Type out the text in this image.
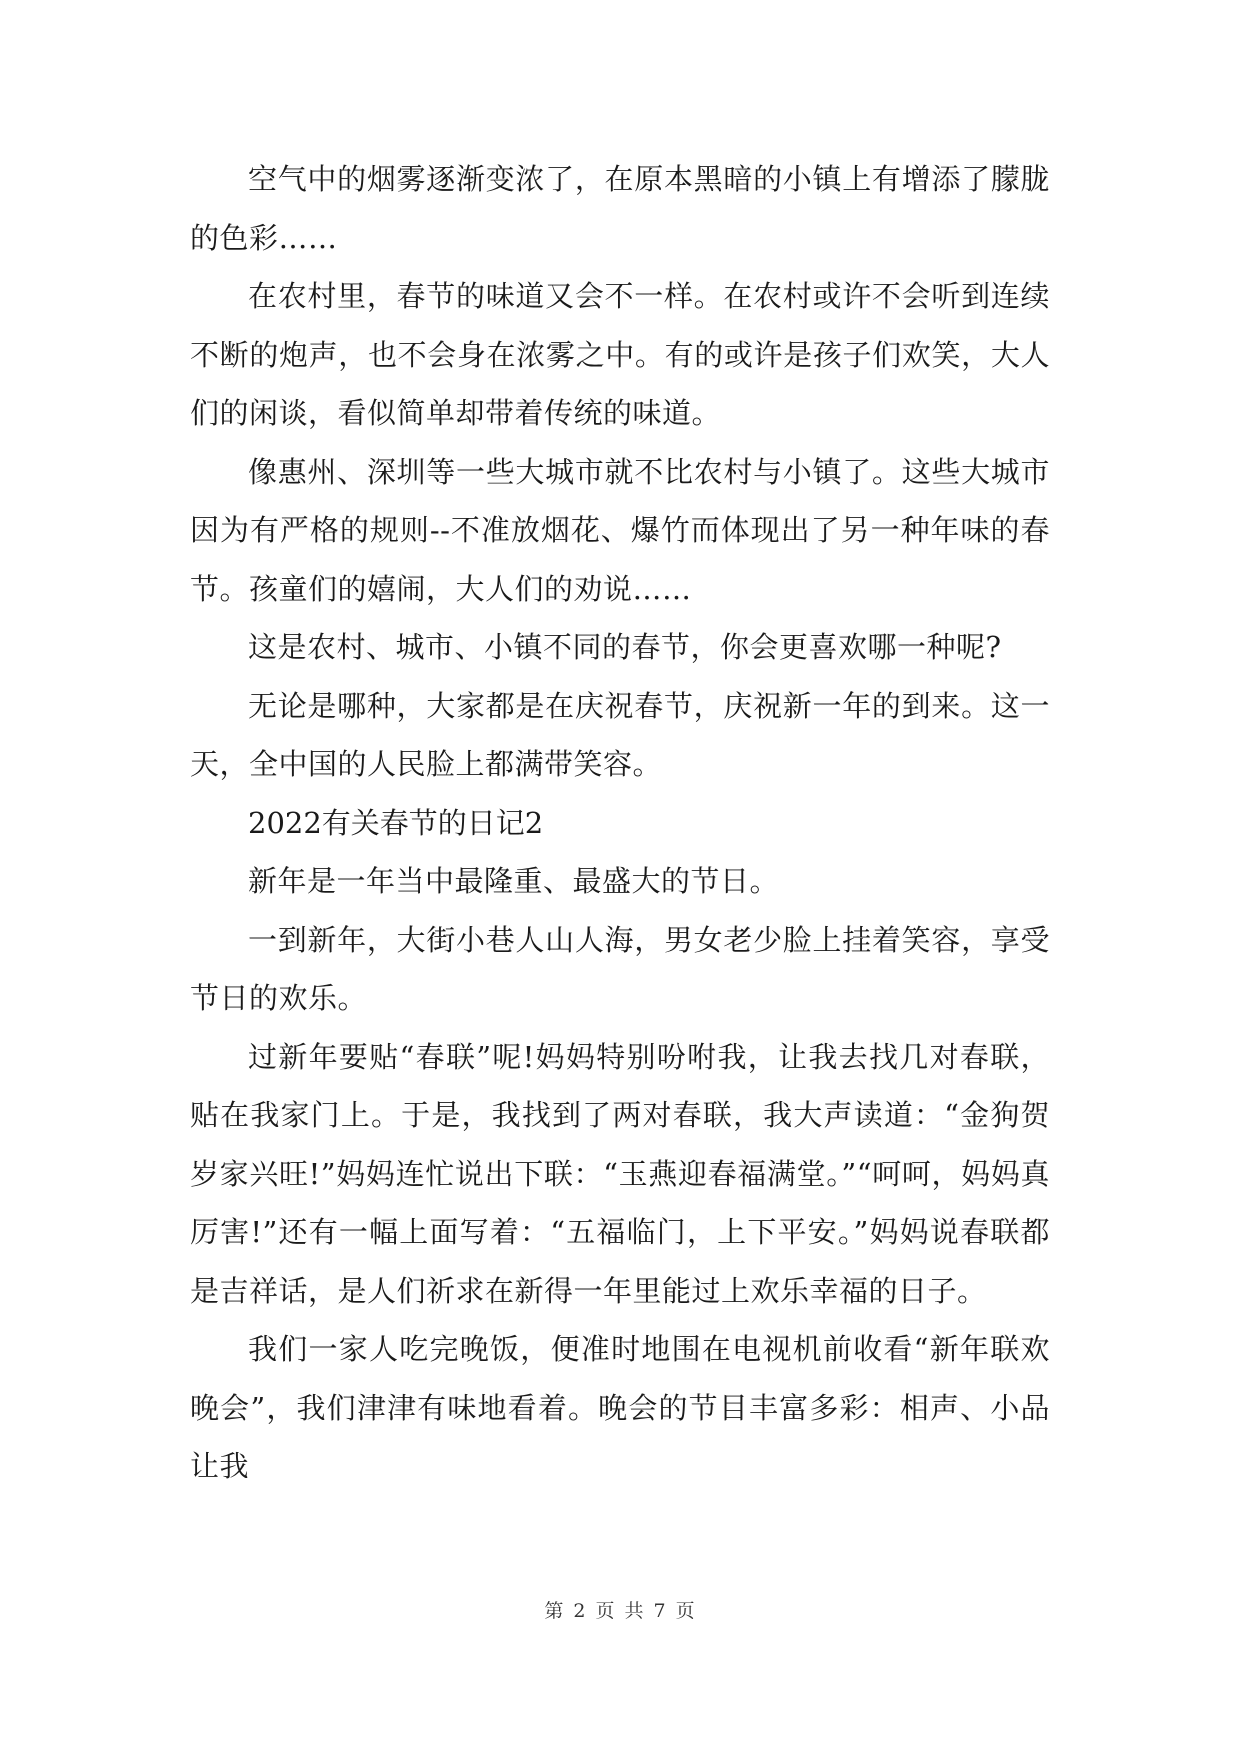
空气中的烟雾逐渐变浓了，在原本黑暗的小镇上有增添了朦胧的色彩……

在农村里，春节的味道又会不一样。在农村或许不会听到连续不断的炮声，也不会身在浓雾之中。有的或许是孩子们欢笑，大人们的闲谈，看似简单却带着传统的味道。

像惠州、深圳等一些大城市就不比农村与小镇了。这些大城市因为有严格的规则--不准放烟花、爆竹而体现出了另一种年味的春节。孩童们的嬉闹，大人们的劝说……

这是农村、城市、小镇不同的春节，你会更喜欢哪一种呢?

无论是哪种，大家都是在庆祝春节，庆祝新一年的到来。这一天，全中国的人民脸上都满带笑容。

2022有关春节的日记2

新年是一年当中最隆重、最盛大的节日。

一到新年，大街小巷人山人海，男女老少脸上挂着笑容，享受节日的欢乐。

过新年要贴“春联”呢!妈妈特别吩咐我，让我去找几对春联，贴在我家门上。于是，我找到了两对春联，我大声读道：“金狗贺岁家兴旺!”妈妈连忙说出下联：“玉燕迎春福满堂。”“呵呵，妈妈真厉害!”还有一幅上面写着：“五福临门，上下平安。”妈妈说春联都是吉祥话，是人们祈求在新得一年里能过上欢乐幸福的日子。

我们一家人吃完晚饭，便准时地围在电视机前收看“新年联欢晚会”，我们津津有味地看着。晚会的节目丰富多彩：相声、小品让我

第 2 页 共 7 页
